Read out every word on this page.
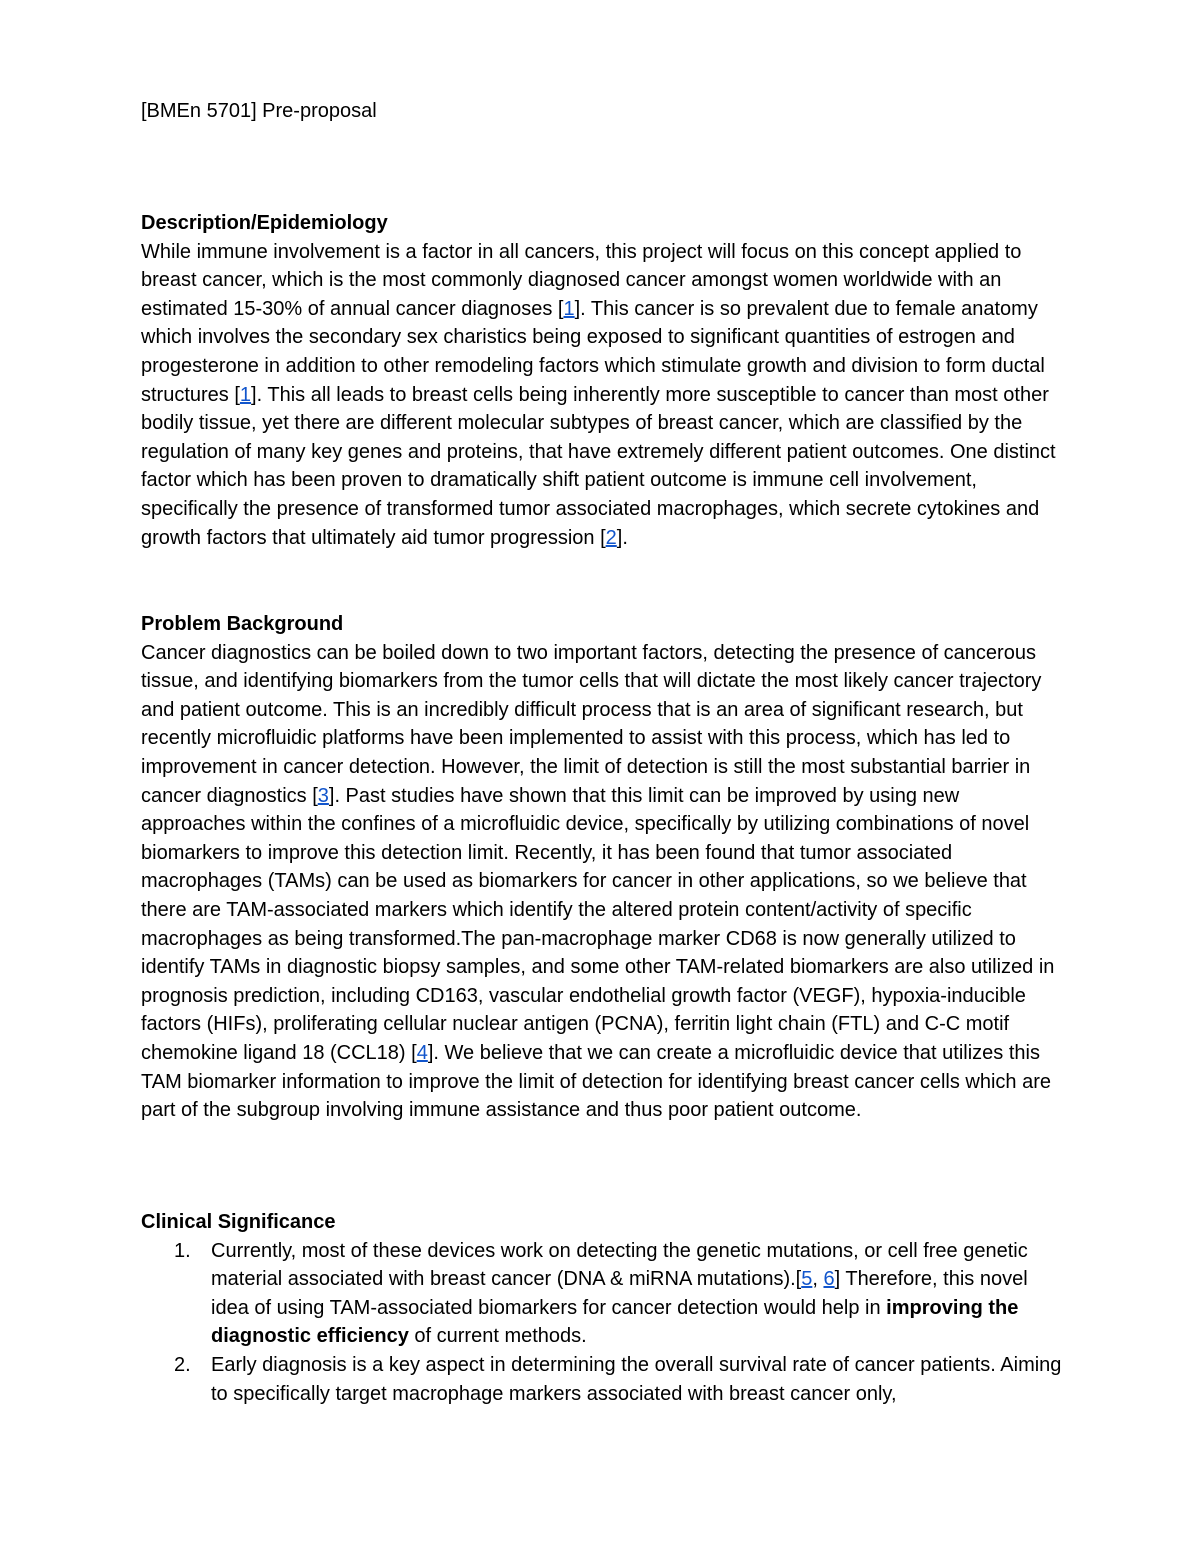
[BMEn 5701] Pre-proposal

Description/Epidemiology

While immune involvement is a factor in all cancers, this project will focus on this concept applied to breast cancer, which is the most commonly diagnosed cancer amongst women worldwide with an estimated 15-30% of annual cancer diagnoses [1]. This cancer is so prevalent due to female anatomy which involves the secondary sex charistics being exposed to significant quantities of estrogen and progesterone in addition to other remodeling factors which stimulate growth and division to form ductal structures [1]. This all leads to breast cells being inherently more susceptible to cancer than most other bodily tissue, yet there are different molecular subtypes of breast cancer, which are classified by the regulation of many key genes and proteins, that have extremely different patient outcomes. One distinct factor which has been proven to dramatically shift patient outcome is immune cell involvement, specifically the presence of transformed tumor associated macrophages, which secrete cytokines and growth factors that ultimately aid tumor progression [2].

Problem Background

Cancer diagnostics can be boiled down to two important factors, detecting the presence of cancerous tissue, and identifying biomarkers from the tumor cells that will dictate the most likely cancer trajectory and patient outcome. This is an incredibly difficult process that is an area of significant research, but recently microfluidic platforms have been implemented to assist with this process, which has led to improvement in cancer detection. However, the limit of detection is still the most substantial barrier in cancer diagnostics [3]. Past studies have shown that this limit can be improved by using new approaches within the confines of a microfluidic device, specifically by utilizing combinations of novel biomarkers to improve this detection limit. Recently, it has been found that tumor associated macrophages (TAMs) can be used as biomarkers for cancer in other applications, so we believe that there are TAM-associated markers which identify the altered protein content/activity of specific macrophages as being transformed.The pan-macrophage marker CD68 is now generally utilized to identify TAMs in diagnostic biopsy samples, and some other TAM-related biomarkers are also utilized in prognosis prediction, including CD163, vascular endothelial growth factor (VEGF), hypoxia-inducible factors (HIFs), proliferating cellular nuclear antigen (PCNA), ferritin light chain (FTL) and C-C motif chemokine ligand 18 (CCL18) [4]. We believe that we can create a microfluidic device that utilizes this TAM biomarker information to improve the limit of detection for identifying breast cancer cells which are part of the subgroup involving immune assistance and thus poor patient outcome.

Clinical Significance

1. Currently, most of these devices work on detecting the genetic mutations, or cell free genetic material associated with breast cancer (DNA & miRNA mutations).[5, 6] Therefore, this novel idea of using TAM-associated biomarkers for cancer detection would help in improving the diagnostic efficiency of current methods.
2. Early diagnosis is a key aspect in determining the overall survival rate of cancer patients. Aiming to specifically target macrophage markers associated with breast cancer only,
